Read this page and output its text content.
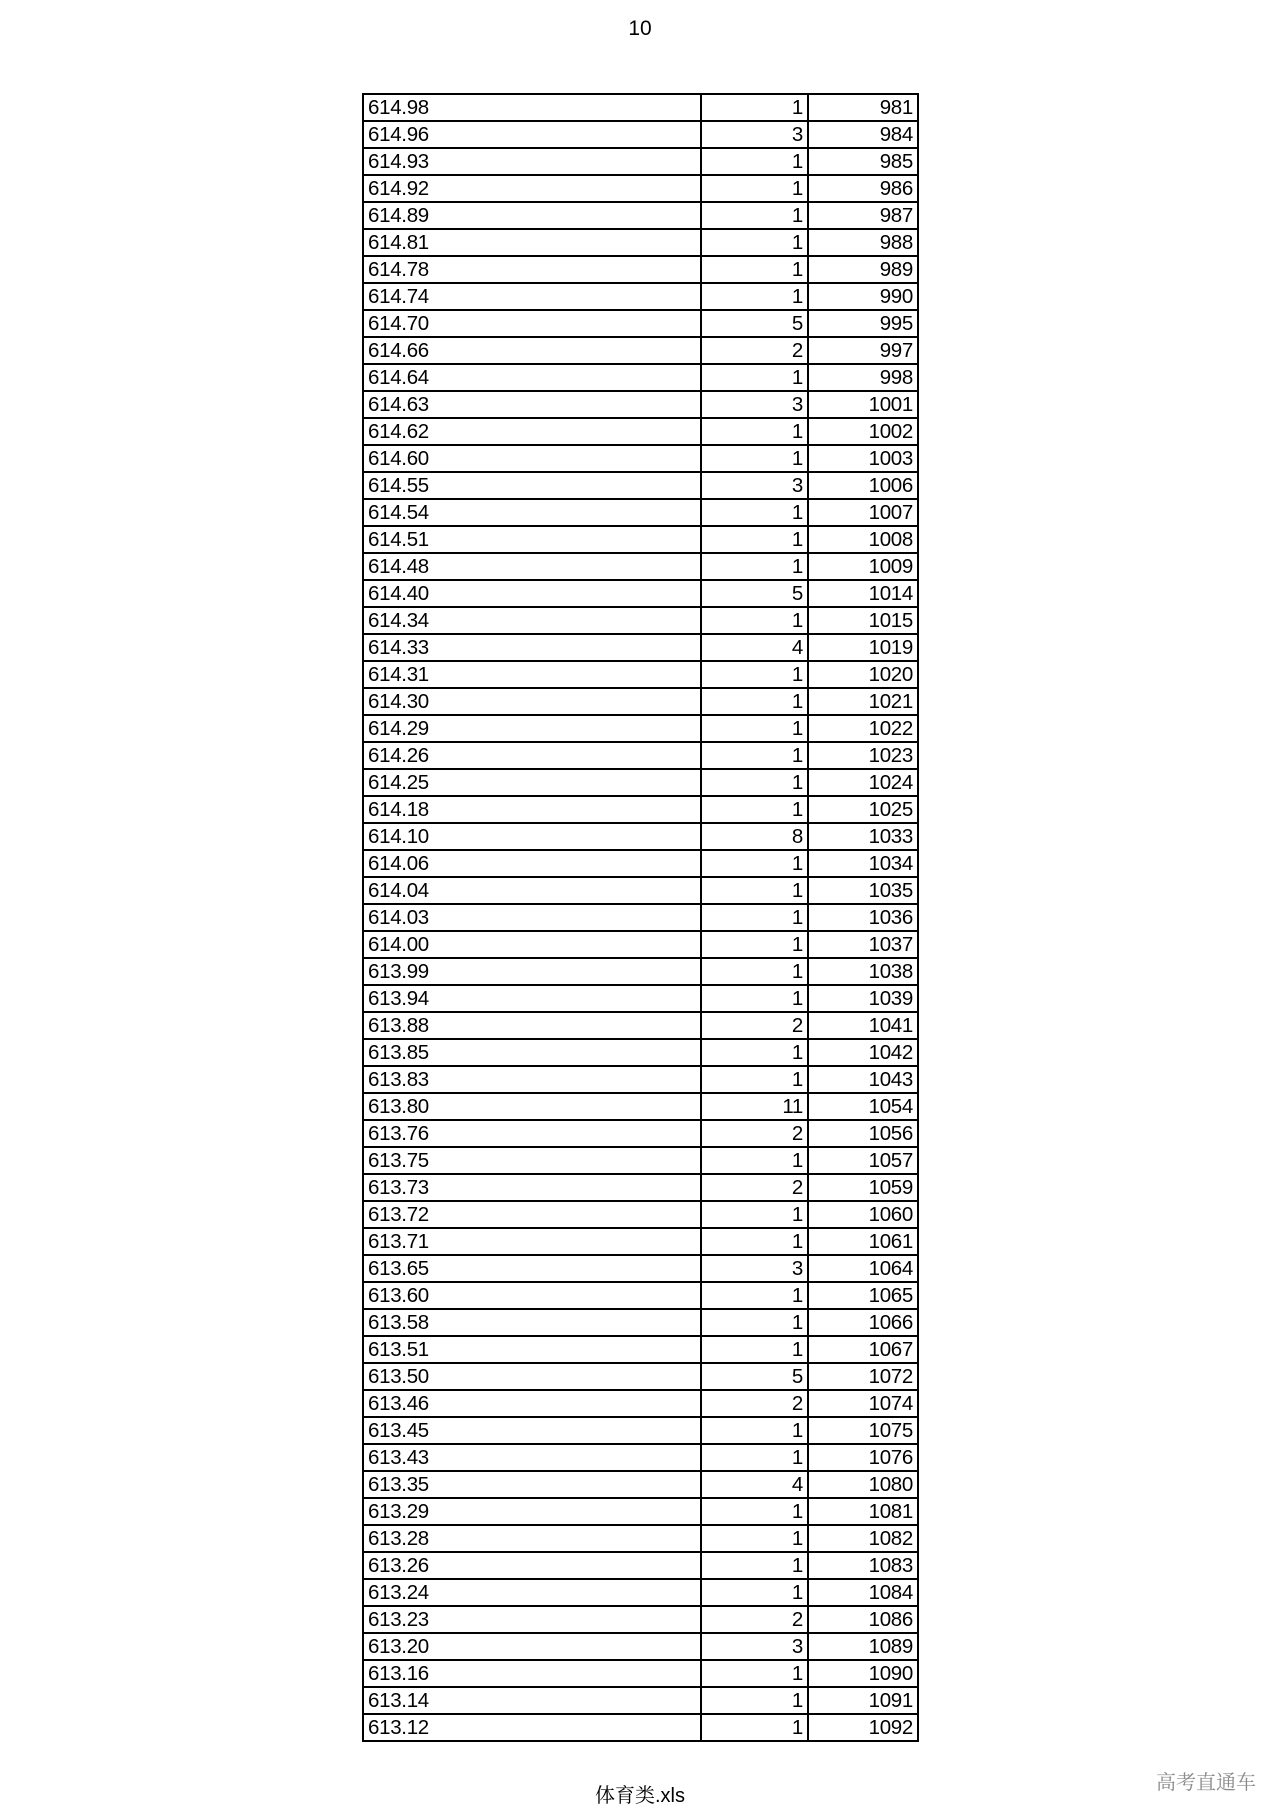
10
614.98	1	981
614.96	3	984
614.93	1	985
614.92	1	986
614.89	1	987
614.81	1	988
614.78	1	989
614.74	1	990
614.70	5	995
614.66	2	997
614.64	1	998
614.63	3	1001
614.62	1	1002
614.60	1	1003
614.55	3	1006
614.54	1	1007
614.51	1	1008
614.48	1	1009
614.40	5	1014
614.34	1	1015
614.33	4	1019
614.31	1	1020
614.30	1	1021
614.29	1	1022
614.26	1	1023
614.25	1	1024
614.18	1	1025
614.10	8	1033
614.06	1	1034
614.04	1	1035
614.03	1	1036
614.00	1	1037
613.99	1	1038
613.94	1	1039
613.88	2	1041
613.85	1	1042
613.83	1	1043
613.80	11	1054
613.76	2	1056
613.75	1	1057
613.73	2	1059
613.72	1	1060
613.71	1	1061
613.65	3	1064
613.60	1	1065
613.58	1	1066
613.51	1	1067
613.50	5	1072
613.46	2	1074
613.45	1	1075
613.43	1	1076
613.35	4	1080
613.29	1	1081
613.28	1	1082
613.26	1	1083
613.24	1	1084
613.23	2	1086
613.20	3	1089
613.16	1	1090
613.14	1	1091
613.12	1	1092
体育类.xls
高考直通车
